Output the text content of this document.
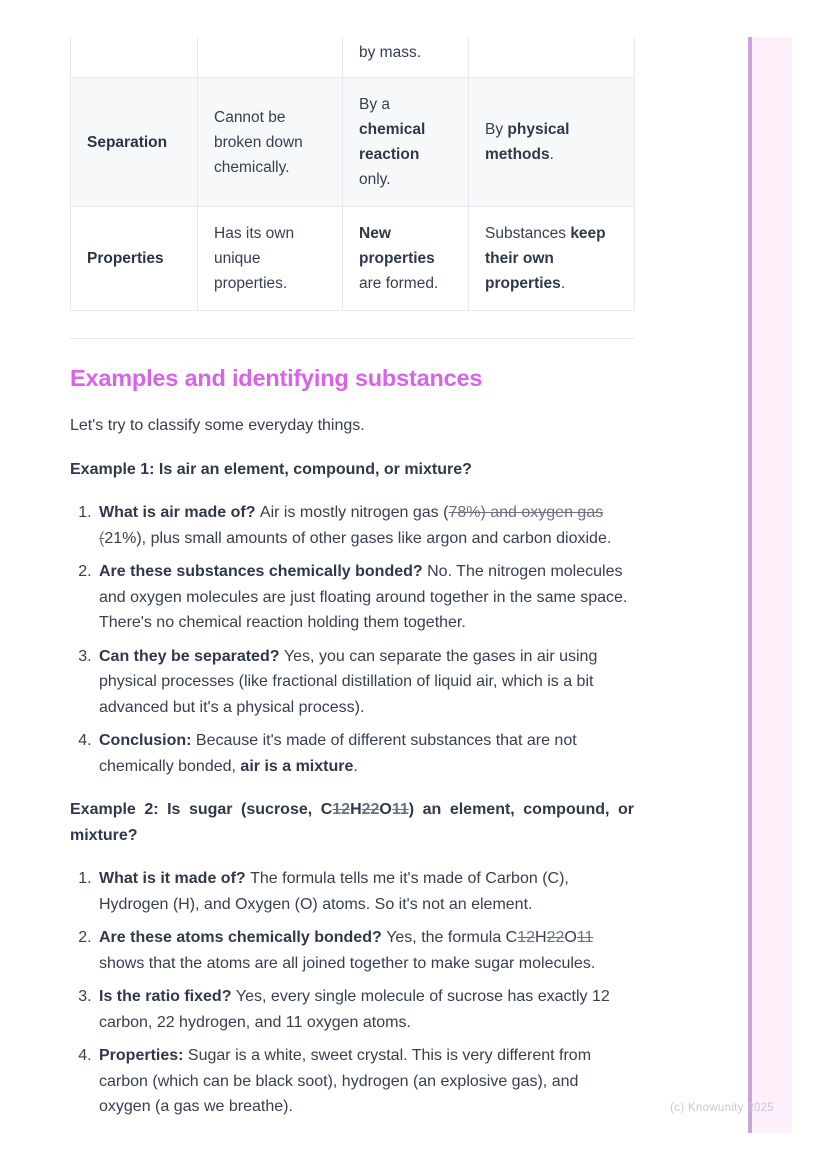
		by mass.	
Separation	Cannot be broken down chemically.	By a chemical reaction only.	By physical methods.
Properties	Has its own unique properties.	New properties are formed.	Substances keep their own properties.
Examples and identifying substances

Let's try to classify some everyday things.

Example 1: Is air an element, compound, or mixture?

1. What is air made of? Air is mostly nitrogen gas (78%) and oxygen gas (21%), plus small amounts of other gases like argon and carbon dioxide.
2. Are these substances chemically bonded? No. The nitrogen molecules and oxygen molecules are just floating around together in the same space. There's no chemical reaction holding them together.
3. Can they be separated? Yes, you can separate the gases in air using physical processes (like fractional distillation of liquid air, which is a bit advanced but it's a physical process).
4. Conclusion: Because it's made of different substances that are not chemically bonded, air is a mixture.

Example 2: Is sugar (sucrose, C12H22O11) an element, compound, or mixture?

1. What is it made of? The formula tells me it's made of Carbon (C), Hydrogen (H), and Oxygen (O) atoms. So it's not an element.
2. Are these atoms chemically bonded? Yes, the formula C12H22O11 shows that the atoms are all joined together to make sugar molecules.
3. Is the ratio fixed? Yes, every single molecule of sucrose has exactly 12 carbon, 22 hydrogen, and 11 oxygen atoms.
4. Properties: Sugar is a white, sweet crystal. This is very different from carbon (which can be black soot), hydrogen (an explosive gas), and oxygen (a gas we breathe).	(c) Knowunity 2025
